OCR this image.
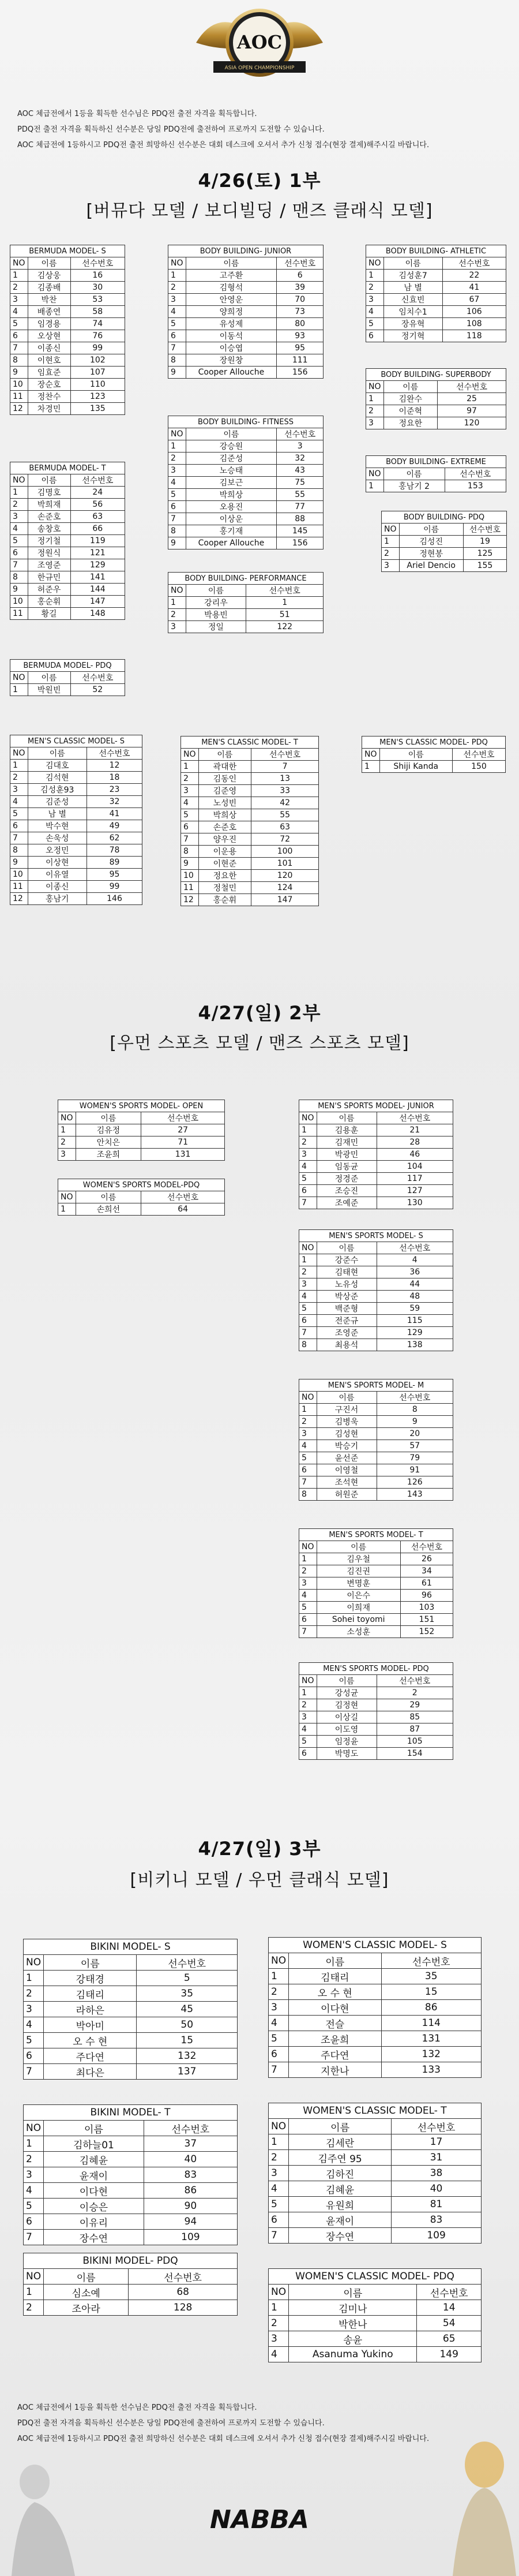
AOC
ASIA OPEN CHAMPIONSHIP
AOC 체급전에서 1등을 획득한 선수님은 PDQ전 출전 자격을 획득합니다.
PDQ전 출전 자격을 획득하신 선수분은 당일 PDQ전에 출전하여 프로까지 도전할 수 있습니다.
AOC 체급전에 1등하시고 PDQ전 출전 희망하신 선수분은 대회 데스크에 오셔서 추가 신청 접수(현장 결제)해주시길 바랍니다.
4/26(토) 1부
[버뮤다 모델 / 보디빌딩 / 맨즈 클래식 모델]
BERMUDA MODEL- S		
NO	이름	선수번호
1	김상웅	16
2	김종배	30
3	박찬	53
4	배종연	58
5	임경용	74
6	오상현	76
7	이종신	99
8	이현호	102
9	임효준	107
10	장순호	110
11	정찬수	123
12	차경민	135
BERMUDA MODEL- T		
NO	이름	선수번호
1	김명호	24
2	박희재	56
3	손준호	63
4	송창호	66
5	정기철	119
6	정원식	121
7	조영준	129
8	한규민	141
9	허준우	144
10	홍순휘	147
11	황길	148
BERMUDA MODEL- PDQ		
NO	이름	선수번호
1	박원빈	52
BODY BUILDING- JUNIOR		
NO	이름	선수번호
1	고주환	6
2	김형석	39
3	안영운	70
4	양희정	73
5	유성제	80
6	이동석	93
7	이승엽	95
8	장원창	111
9	Cooper Allouche	156
BODY BUILDING- FITNESS		
NO	이름	선수번호
1	강승원	3
2	김준성	32
3	노승태	43
4	김보근	75
5	박희상	55
6	오용진	77
7	이상운	88
8	홍기재	145
9	Cooper Allouche	156
BODY BUILDING- PERFORMANCE		
NO	이름	선수번호
1	강리우	1
2	박용빈	51
3	정일	122
BODY BUILDING- ATHLETIC		
NO	이름	선수번호
1	김성훈7	22
2	남 별	41
3	신효빈	67
4	임치수1	106
5	장유혁	108
6	정기혁	118
BODY BUILDING- SUPERBODY		
NO	이름	선수번호
1	김완수	25
2	이준혁	97
3	정요한	120
BODY BUILDING- EXTREME		
NO	이름	선수번호
1	홍남기 2	153
BODY BUILDING- PDQ		
NO	이름	선수번호
1	김성진	19
2	정현봉	125
3	Ariel Dencio	155
MEN'S CLASSIC MODEL- S		
NO	이름	선수번호
1	김대호	12
2	김석현	18
3	김성훈93	23
4	김준성	32
5	남 별	41
6	박수현	49
7	손욱성	62
8	오정민	78
9	이상현	89
10	이유열	95
11	이종신	99
12	홍남기	146
MEN'S CLASSIC MODEL- T		
NO	이름	선수번호
1	곽대한	7
2	김동인	13
3	김준영	33
4	노성빈	42
5	박희상	55
6	손준호	63
7	양우진	72
8	이운용	100
9	이현준	101
10	정요한	120
11	정철민	124
12	홍순휘	147
MEN'S CLASSIC MODEL- PDQ		
NO	이름	선수번호
1	Shiji Kanda	150
WOMEN'S SPORTS MODEL- OPEN		
NO	이름	선수번호
1	김유정	27
2	안치은	71
3	조윤희	131
WOMEN'S SPORTS MODEL-PDQ		
NO	이름	선수번호
1	손희선	64
MEN'S SPORTS MODEL- JUNIOR		
NO	이름	선수번호
1	김용훈	21
2	김재민	28
3	박광민	46
4	임동균	104
5	정경준	117
6	조승진	127
7	조예준	130
MEN'S SPORTS MODEL- S		
NO	이름	선수번호
1	강준수	4
2	김태현	36
3	노유성	44
4	박상준	48
5	백준형	59
6	전준규	115
7	조영준	129
8	최용석	138
MEN'S SPORTS MODEL- M		
NO	이름	선수번호
1	구진서	8
2	김병욱	9
3	김성현	20
4	박승기	57
5	윤선준	79
6	이영철	91
7	조석현	126
8	허원준	143
MEN'S SPORTS MODEL- T		
NO	이름	선수번호
1	김우철	26
2	김진권	34
3	변명훈	61
4	이은수	96
5	이희재	103
6	Sohei toyomi	151
7	소성훈	152
MEN'S SPORTS MODEL- PDQ		
NO	이름	선수번호
1	강성균	2
2	김정현	29
3	이상길	85
4	이도영	87
5	임정윤	105
6	박명도	154
BIKINI MODEL- S		
NO	이름	선수번호
1	강태경	5
2	김태리	35
3	라하은	45
4	박아미	50
5	오 수 현	15
6	주다연	132
7	최다은	137
BIKINI MODEL- T		
NO	이름	선수번호
1	김하늘01	37
2	김혜윤	40
3	윤재이	83
4	이다현	86
5	이승은	90
6	이유리	94
7	장수연	109
BIKINI MODEL- PDQ		
NO	이름	선수번호
1	심소예	68
2	조아라	128
WOMEN'S CLASSIC MODEL- S		
NO	이름	선수번호
1	김태리	35
2	오 수 현	15
3	이다현	86
4	전슬	114
5	조윤희	131
6	주다연	132
7	지한나	133
WOMEN'S CLASSIC MODEL- T		
NO	이름	선수번호
1	김세란	17
2	김주연 95	31
3	김하진	38
4	김혜윤	40
5	유원희	81
6	윤재이	83
7	장수연	109
WOMEN'S CLASSIC MODEL- PDQ		
NO	이름	선수번호
1	김미나	14
2	박한나	54
3	송윤	65
4	Asanuma Yukino	149
4/27(일) 2부
[우먼 스포츠 모델 / 맨즈 스포츠 모델]
4/27(일) 3부
[비키니 모델 / 우먼 클래식 모델]
AOC 체급전에서 1등을 획득한 선수님은 PDQ전 출전 자격을 획득합니다.
PDQ전 출전 자격을 획득하신 선수분은 당일 PDQ전에 출전하여 프로까지 도전할 수 있습니다.
AOC 체급전에 1등하시고 PDQ전 출전 희망하신 선수분은 대회 데스크에 오셔서 추가 신청 접수(현장 결제)해주시길 바랍니다.
NABBA
